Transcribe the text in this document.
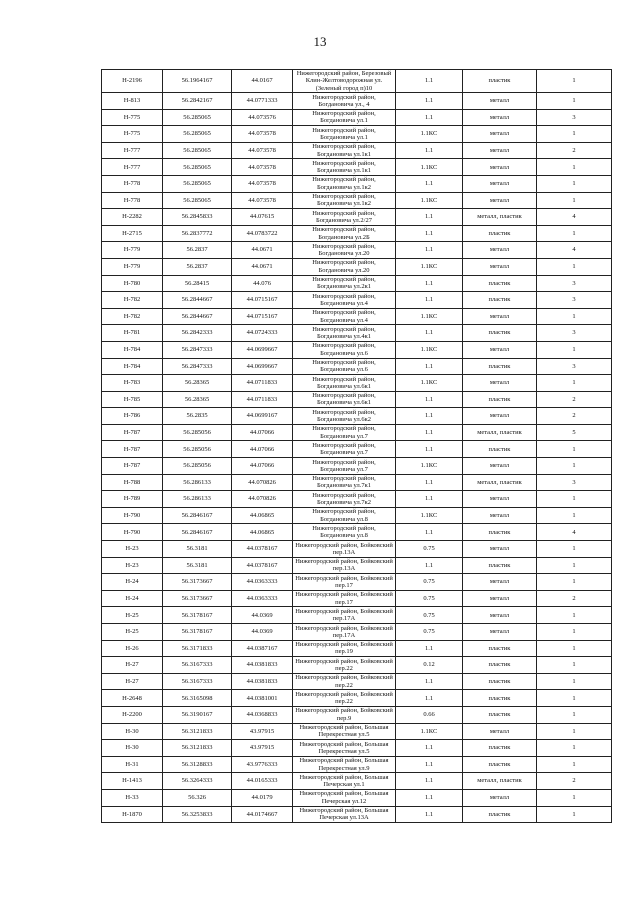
13
Н-2196	56.1964167	44.0167	Нижегородский район, Березовый Клин-Желтоводорожная ул. (Зеленый город п)10	1.1	пластик	1
Н-813	56.2842167	44.0771333	Нижегородский район, Богдановича ул., 4	1.1	металл	1
Н-775	56.285065	44.073576	Нижегородский район, Богдановича ул.1	1.1	металл	3
Н-775	56.285065	44.073578	Нижегородский район, Богдановича ул.1	1.1КС	металл	1
Н-777	56.285065	44.073578	Нижегородский район, Богдановича ул.1к1	1.1	металл	2
Н-777	56.285065	44.073578	Нижегородский район, Богдановича ул.1к1	1.1КС	металл	1
Н-778	56.285065	44.073578	Нижегородский район, Богдановича ул.1к2	1.1	металл	1
Н-778	56.285065	44.073578	Нижегородский район, Богдановича ул.1к2	1.1КС	металл	1
Н-2282	56.2845833	44.07615	Нижегородский район, Богдановича ул.2/27	1.1	металл, пластик	4
Н-2715	56.2837772	44.0783722	Нижегородский район, Богдановича ул.2Б	1.1	пластик	1
Н-779	56.2837	44.0671	Нижегородский район, Богдановича ул.20	1.1	металл	4
Н-779	56.2837	44.0671	Нижегородский район, Богдановича ул.20	1.1КС	металл	1
Н-780	56.28415	44.076	Нижегородский район, Богдановича ул.2к1	1.1	пластик	3
Н-782	56.2844667	44.0715167	Нижегородский район, Богдановича ул.4	1.1	пластик	3
Н-782	56.2844667	44.0715167	Нижегородский район, Богдановича ул.4	1.1КС	металл	1
Н-781	56.2842333	44.0724333	Нижегородский район, Богдановича ул.4к1	1.1	пластик	3
Н-784	56.2847333	44.0699667	Нижегородский район, Богдановича ул.6	1.1КС	металл	1
Н-784	56.2847333	44.0699667	Нижегородский район, Богдановича ул.6	1.1	пластик	3
Н-783	56.28365	44.0711833	Нижегородский район, Богдановича ул.6к1	1.1КС	металл	1
Н-785	56.28365	44.0711833	Нижегородский район, Богдановича ул.6к1	1.1	пластик	2
Н-786	56.2835	44.0699167	Нижегородский район, Богдановича ул.6к2	1.1	металл	2
Н-787	56.285056	44.07066	Нижегородский район, Богдановича ул.7	1.1	металл, пластик	5
Н-787	56.285056	44.07066	Нижегородский район, Богдановича ул.7	1.1	пластик	1
Н-787	56.285056	44.07066	Нижегородский район, Богдановича ул.7	1.1КС	металл	1
Н-788	56.286133	44.070826	Нижегородский район, Богдановича ул.7к1	1.1	металл, пластик	3
Н-789	56.286133	44.070826	Нижегородский район, Богдановича ул.7к2	1.1	металл	1
Н-790	56.2846167	44.06865	Нижегородский район, Богдановича ул.8	1.1КС	металл	1
Н-790	56.2846167	44.06865	Нижегородский район, Богдановича ул.8	1.1	пластик	4
Н-23	56.3181	44.0378167	Нижегородский район, Бойковский пер.13А	0.75	металл	1
Н-23	56.3181	44.0378167	Нижегородский район, Бойковский пер.13А	1.1	пластик	1
Н-24	56.3173667	44.0363333	Нижегородский район, Бойковский пер.17	0.75	металл	1
Н-24	56.3173667	44.0363333	Нижегородский район, Бойковский пер.17	0.75	металл	2
Н-25	56.3178167	44.0369	Нижегородский район, Бойковский пер.17А	0.75	металл	1
Н-25	56.3178167	44.0369	Нижегородский район, Бойковский пер.17А	0.75	металл	1
Н-26	56.3171833	44.0387167	Нижегородский район, Бойковский пер.19	1.1	пластик	1
Н-27	56.3167333	44.0381833	Нижегородский район, Бойковский пер.22	0.12	пластик	1
Н-27	56.3167333	44.0381833	Нижегородский район, Бойковский пер.22	1.1	пластик	1
Н-2648	56.3165098	44.0381001	Нижегородский район, Бойковский пер.22	1.1	пластик	1
Н-2200	56.3190167	44.0368833	Нижегородский район, Бойковский пер.9	0.66	пластик	1
Н-30	56.3121833	43.97915	Нижегородский район, Большая Перекрестная ул.5	1.1КС	металл	1
Н-30	56.3121833	43.97915	Нижегородский район, Большая Перекрестная ул.5	1.1	пластик	1
Н-31	56.3128833	43.9776333	Нижегородский район, Большая Перекрестная ул.9	1.1	пластик	1
Н-1413	56.3264333	44.0165333	Нижегородский район, Большая Печерская ул.1	1.1	металл, пластик	2
Н-33	56.326	44.0179	Нижегородский район, Большая Печерская ул.12	1.1	металл	1
Н-1870	56.3253833	44.0174667	Нижегородский район, Большая Печерская ул.13А	1.1	пластик	1
